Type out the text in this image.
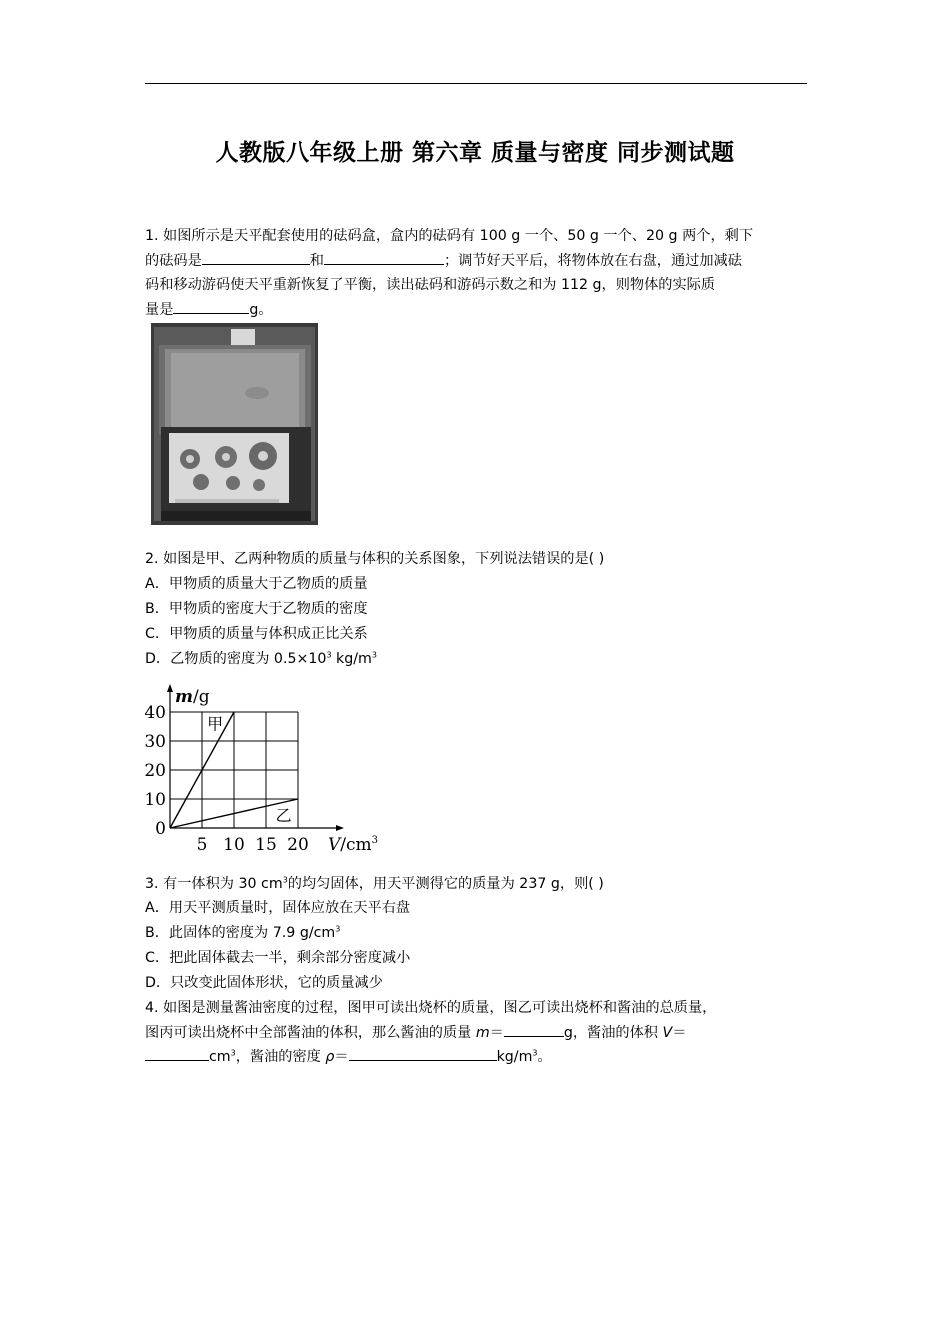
人教版八年级上册 第六章 质量与密度 同步测试题
1. 如图所示是天平配套使用的砝码盒，盒内的砝码有 100 g 一个、50 g 一个、20 g 两个，剩下
的砝码是	和	；调节好天平后，将物体放在右盘，通过加减砝
码和移动游码使天平重新恢复了平衡，读出砝码和游码示数之和为 112 g，则物体的实际质
量是	g。
2. 如图是甲、乙两种物质的质量与体积的关系图象，下列说法错误的是( )
A．甲物质的质量大于乙物质的质量
B．甲物质的密度大于乙物质的密度
C．甲物质的质量与体积成正比关系
D．乙物质的密度为 $0.5\times 10^3$ $kg/m^3$
甲
乙
0
10
20
30
40
5 10 15 20
m/g
$V/cm^3$
3. 有一体积为 30 $cm^3$的均匀固体，用天平测得它的质量为 237 g，则( )
A．用天平测质量时，固体应放在天平右盘
B．此固体的密度为 7.9 $g/cm^3$
C．把此固体截去一半，剩余部分密度减小
D．只改变此固体形状，它的质量减少
4. 如图是测量酱油密度的过程，图甲可读出烧杯的质量，图乙可读出烧杯和酱油的总质量，
图丙可读出烧杯中全部酱油的体积，那么酱油的质量 m＝	g，酱油的体积 V＝
$cm^3$，酱油的密度 ρ＝	$kg/m^3$。
